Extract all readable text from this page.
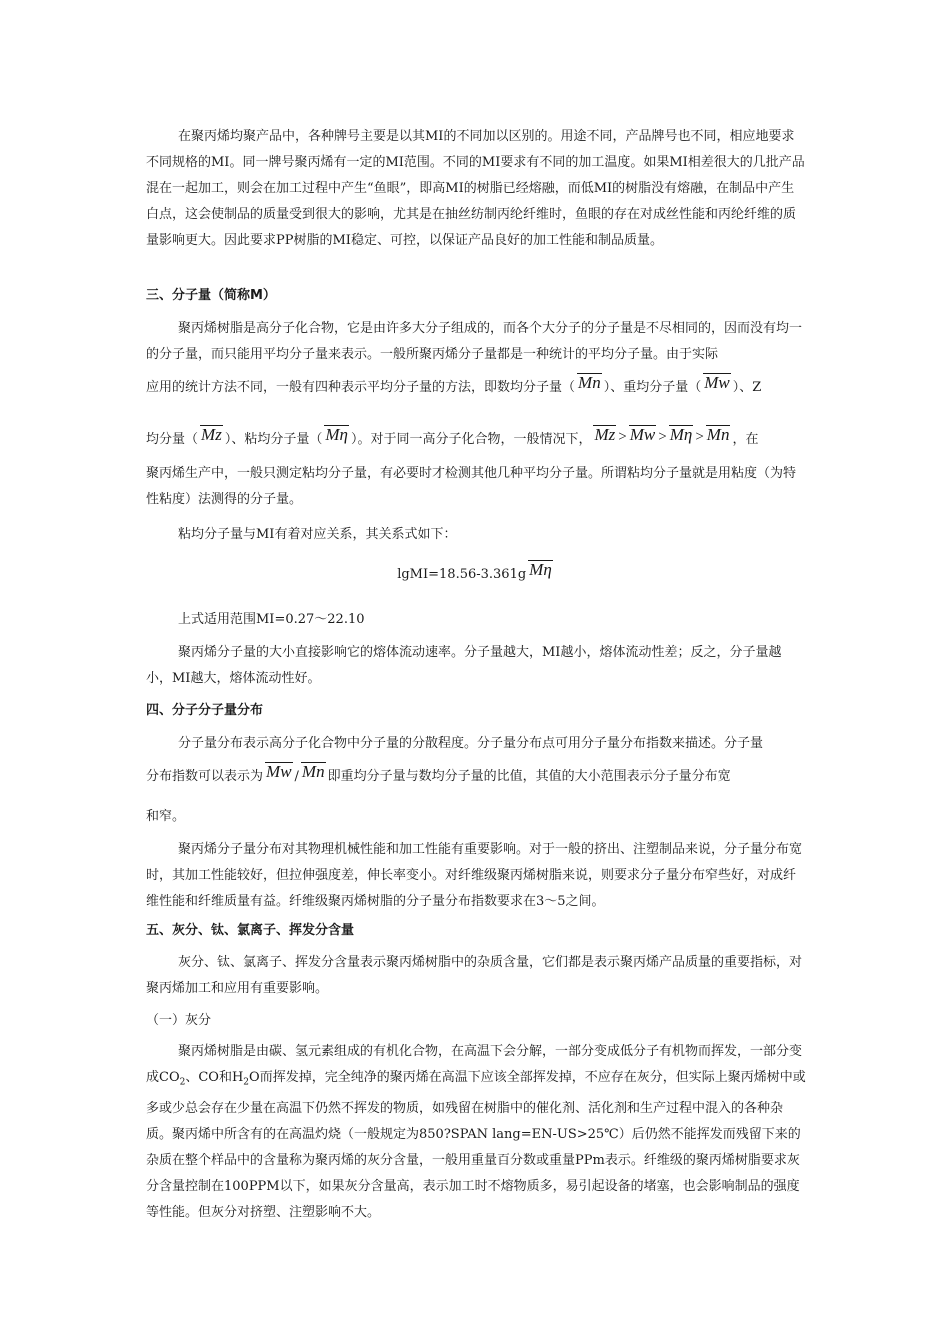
在聚丙烯均聚产品中，各种牌号主要是以其MI的不同加以区别的。用途不同，产品牌号也不同，相应地要求不同规格的MI。同一牌号聚丙烯有一定的MI范围。不同的MI要求有不同的加工温度。如果MI相差很大的几批产品混在一起加工，则会在加工过程中产生“鱼眼”，即高MI的树脂已经熔融，而低MI的树脂没有熔融，在制品中产生白点，这会使制品的质量受到很大的影响，尤其是在抽丝纺制丙纶纤维时，鱼眼的存在对成丝性能和丙纶纤维的质量影响更大。因此要求PP树脂的MI稳定、可控，以保证产品良好的加工性能和制品质量。

三、分子量（简称M）

聚丙烯树脂是高分子化合物，它是由许多大分子组成的，而各个大分子的分子量是不尽相同的，因而没有均一的分子量，而只能用平均分子量来表示。一般所聚丙烯分子量都是一种统计的平均分子量。由于实际

应用的统计方法不同，一般有四种表示平均分子量的方法，即数均分子量（ Mn ）、重均分子量（ Mw ）、Z
均分量（ Mz ）、粘均分子量（ Mη ）。对于同一高分子化合物，一般情况下， Mz > Mw > Mη > Mn ，在

聚丙烯生产中，一般只测定粘均分子量，有必要时才检测其他几种平均分子量。所谓粘均分子量就是用粘度（为特性粘度）法测得的分子量。

粘均分子量与MI有着对应关系，其关系式如下：

lgMI=18.56-3.361g Mη

上式适用范围MI=0.27～22.10

聚丙烯分子量的大小直接影响它的熔体流动速率。分子量越大，MI越小，熔体流动性差；反之，分子量越小，MI越大，熔体流动性好。

四、分子分子量分布

分子量分布表示高分子化合物中分子量的分散程度。分子量分布点可用分子量分布指数来描述。分子量

分布指数可以表示为 Mw / Mn 即重均分子量与数均分子量的比值，其值的大小范围表示分子量分布宽

和窄。

聚丙烯分子量分布对其物理机械性能和加工性能有重要影响。对于一般的挤出、注塑制品来说，分子量分布宽时，其加工性能较好，但拉伸强度差，伸长率变小。对纤维级聚丙烯树脂来说，则要求分子量分布窄些好，对成纤维性能和纤维质量有益。纤维级聚丙烯树脂的分子量分布指数要求在3～5之间。

五、灰分、钛、氯离子、挥发分含量

灰分、钛、氯离子、挥发分含量表示聚丙烯树脂中的杂质含量，它们都是表示聚丙烯产品质量的重要指标，对聚丙烯加工和应用有重要影响。

（一）灰分

聚丙烯树脂是由碳、氢元素组成的有机化合物，在高温下会分解，一部分变成低分子有机物而挥发，一部分变成$CO_2$、CO和$H_2O$而挥发掉，完全纯净的聚丙烯在高温下应该全部挥发掉，不应存在灰分，但实际上聚丙烯树中或多或少总会存在少量在高温下仍然不挥发的物质，如残留在树脂中的催化剂、活化剂和生产过程中混入的各种杂质。聚丙烯中所含有的在高温灼烧（一般规定为850?SPAN lang=EN-US>25℃）后仍然不能挥发而残留下来的杂质在整个样品中的含量称为聚丙烯的灰分含量，一般用重量百分数或重量PPm表示。纤维级的聚丙烯树脂要求灰分含量控制在100PPM以下，如果灰分含量高，表示加工时不熔物质多，易引起设备的堵塞，也会影响制品的强度等性能。但灰分对挤塑、注塑影响不大。
